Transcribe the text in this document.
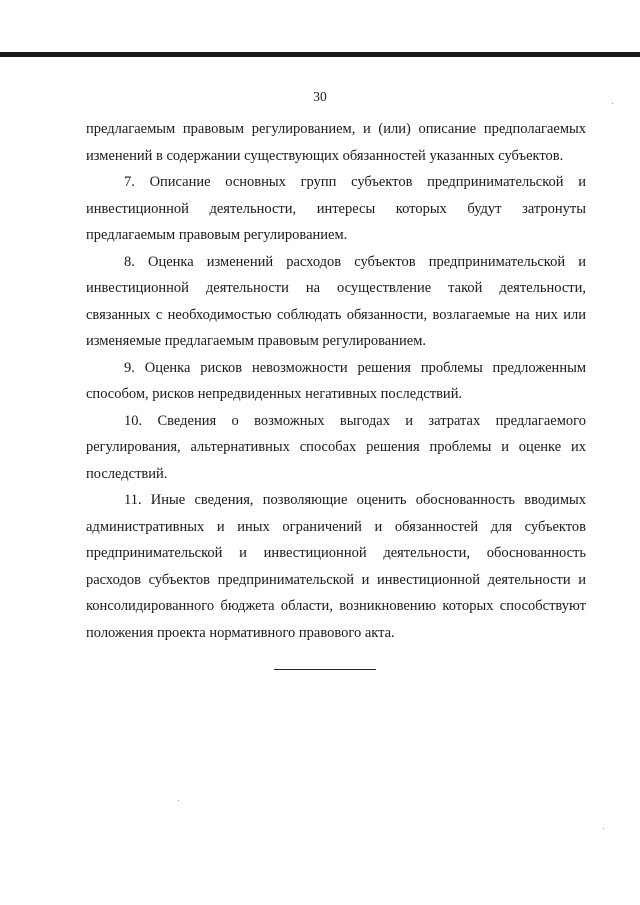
30

предлагаемым правовым регулированием, и (или) описание предполагаемых изменений в содержании существующих обязанностей указанных субъектов.

7. Описание основных групп субъектов предпринимательской и инвестиционной деятельности, интересы которых будут затронуты предлагаемым правовым регулированием.

8. Оценка изменений расходов субъектов предпринимательской и инвестиционной деятельности на осуществление такой деятельности, связанных с необходимостью соблюдать обязанности, возлагаемые на них или изменяемые предлагаемым правовым регулированием.

9. Оценка рисков невозможности решения проблемы предложенным способом, рисков непредвиденных негативных последствий.

10. Сведения о возможных выгодах и затратах предлагаемого регулирования, альтернативных способах решения проблемы и оценке их последствий.

11. Иные сведения, позволяющие оценить обоснованность вводимых административных и иных ограничений и обязанностей для субъектов предпринимательской и инвестиционной деятельности, обоснованность расходов субъектов предпринимательской и инвестиционной деятельности и консолидированного бюджета области, возникновению которых способствуют положения проекта нормативного правового акта.
